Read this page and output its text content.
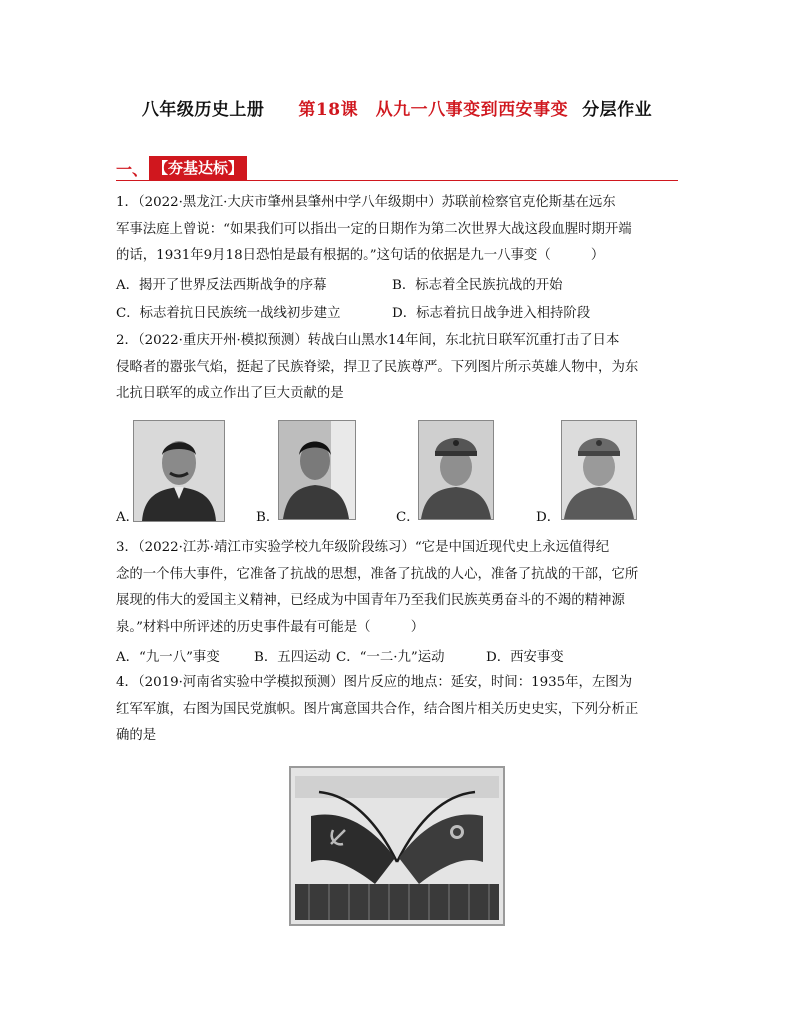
八年级历史上册 第18课　从九一八事变到西安事变 分层作业
一、 【夯基达标】
1．（2022·黑龙江·大庆市肇州县肇州中学八年级期中）苏联前检察官克伦斯基在远东
军事法庭上曾说：“如果我们可以指出一定的日期作为第二次世界大战这段血腥时期开端
的话，1931年9月18日恐怕是最有根据的。”这句话的依据是九一八事变（　　　）
A．揭开了世界反法西斯战争的序幕	B．标志着全民族抗战的开始
C．标志着抗日民族统一战线初步建立	D．标志着抗日战争进入相持阶段
2．（2022·重庆开州·模拟预测）转战白山黑水14年间，东北抗日联军沉重打击了日本
侵略者的嚣张气焰，挺起了民族脊梁，捍卫了民族尊严。下列图片所示英雄人物中，为东
北抗日联军的成立作出了巨大贡献的是
A．	B．	C．	D．
3．（2022·江苏·靖江市实验学校九年级阶段练习）“它是中国近现代史上永远值得纪
念的一个伟大事件，它准备了抗战的思想，准备了抗战的人心，准备了抗战的干部，它所
展现的伟大的爱国主义精神，已经成为中国青年乃至我们民族英勇奋斗的不竭的精神源
泉。”材料中所评述的历史事件最有可能是（　　　）
A．“九一八”事变	B．五四运动 C．“一二·九”运动	D．西安事变
4．（2019·河南省实验中学模拟预测）图片反应的地点：延安，时间：1935年，左图为
红军军旗，右图为国民党旗帜。图片寓意国共合作，结合图片相关历史史实，下列分析正
确的是
